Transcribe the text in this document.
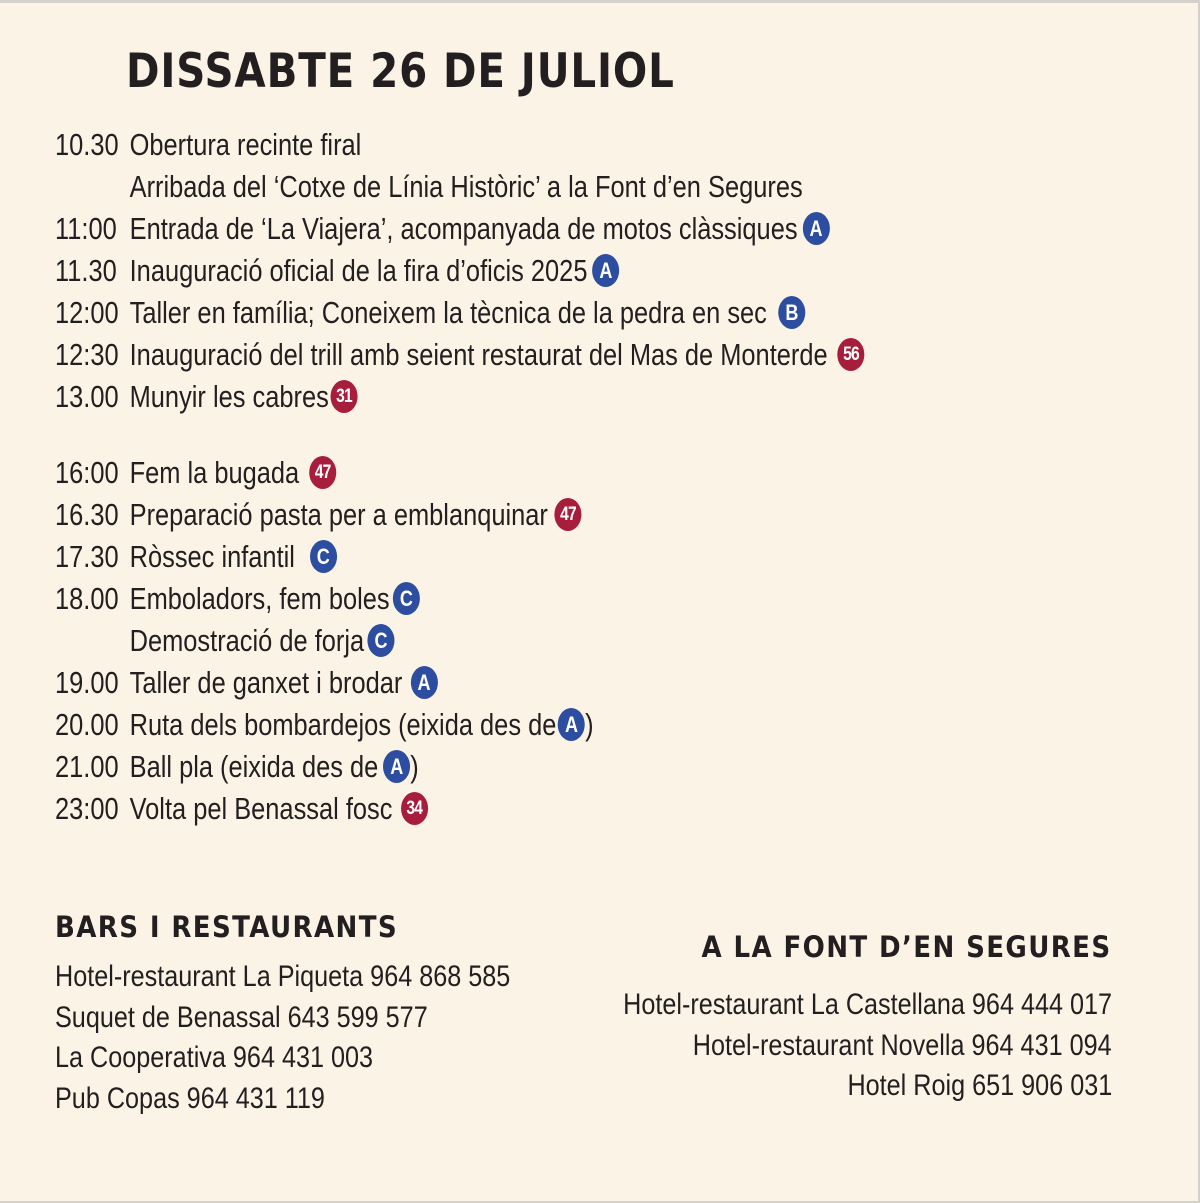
DISSABTE 26 DE JULIOL
10.30 Obertura recinte firal
Arribada del ‘Cotxe de Línia Històric’ a la Font d’en Segures
11:00 Entrada de ‘La Viajera’, acompanyada de motos clàssiques A
11.30 Inauguració oficial de la fira d’oficis 2025 A
12:00 Taller en família; Coneixem la tècnica de la pedra en sec B
12:30 Inauguració del trill amb seient restaurat del Mas de Monterde 56
13.00 Munyir les cabres 31
16:00 Fem la bugada 47
16.30 Preparació pasta per a emblanquinar 47
17.30 Ròssec infantil C
18.00 Emboladors, fem boles C
Demostració de forja C
19.00 Taller de ganxet i brodar A
20.00 Ruta dels bombardejos (eixida des de A )
21.00 Ball pla (eixida des de A )
23:00 Volta pel Benassal fosc 34
BARS I RESTAURANTS
Hotel-restaurant La Piqueta 964 868 585
Suquet de Benassal 643 599 577
La Cooperativa 964 431 003
Pub Copas 964 431 119
A LA FONT D’EN SEGURES
Hotel-restaurant La Castellana 964 444 017
Hotel-restaurant Novella 964 431 094
Hotel Roig 651 906 031
